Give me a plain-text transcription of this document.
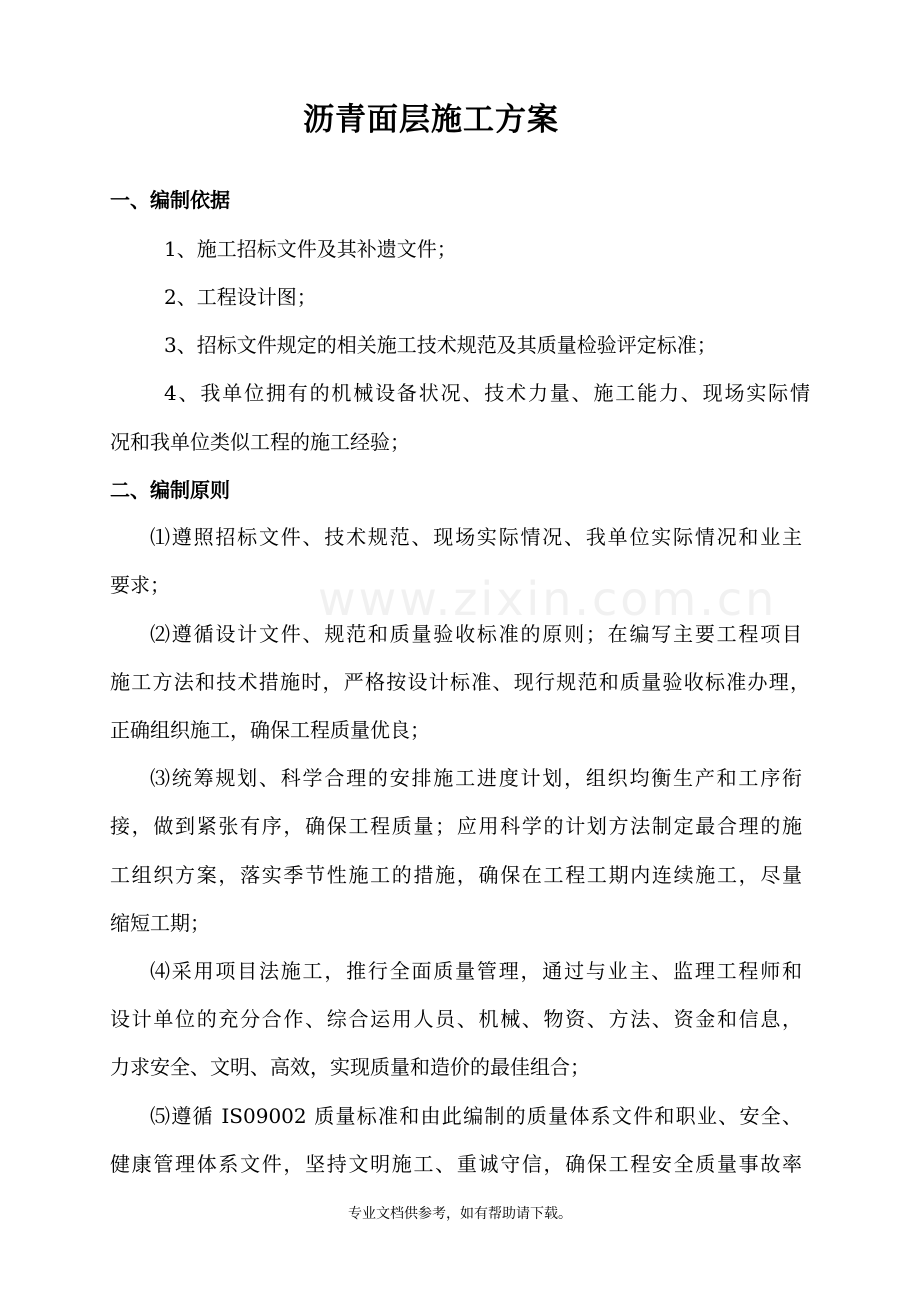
www.zixin.com.cn
沥青面层施工方案
一、编制依据
1、施工招标文件及其补遗文件；
2、工程设计图；
3、招标文件规定的相关施工技术规范及其质量检验评定标准；
4、我单位拥有的机械设备状况、技术力量、施工能力、现场实际情
况和我单位类似工程的施工经验；
二、编制原则
⑴遵照招标文件、技术规范、现场实际情况、我单位实际情况和业主
要求；
⑵遵循设计文件、规范和质量验收标准的原则；在编写主要工程项目
施工方法和技术措施时，严格按设计标准、现行规范和质量验收标准办理，
正确组织施工，确保工程质量优良；
⑶统筹规划、科学合理的安排施工进度计划，组织均衡生产和工序衔
接，做到紧张有序，确保工程质量；应用科学的计划方法制定最合理的施
工组织方案，落实季节性施工的措施，确保在工程工期内连续施工，尽量
缩短工期；
⑷采用项目法施工，推行全面质量管理，通过与业主、监理工程师和
设计单位的充分合作、综合运用人员、机械、物资、方法、资金和信息，
力求安全、文明、高效，实现质量和造价的最佳组合；
⑸遵循 IS09002 质量标准和由此编制的质量体系文件和职业、安全、
健康管理体系文件，坚持文明施工、重诚守信，确保工程安全质量事故率
专业文档供参考，如有帮助请下载。
